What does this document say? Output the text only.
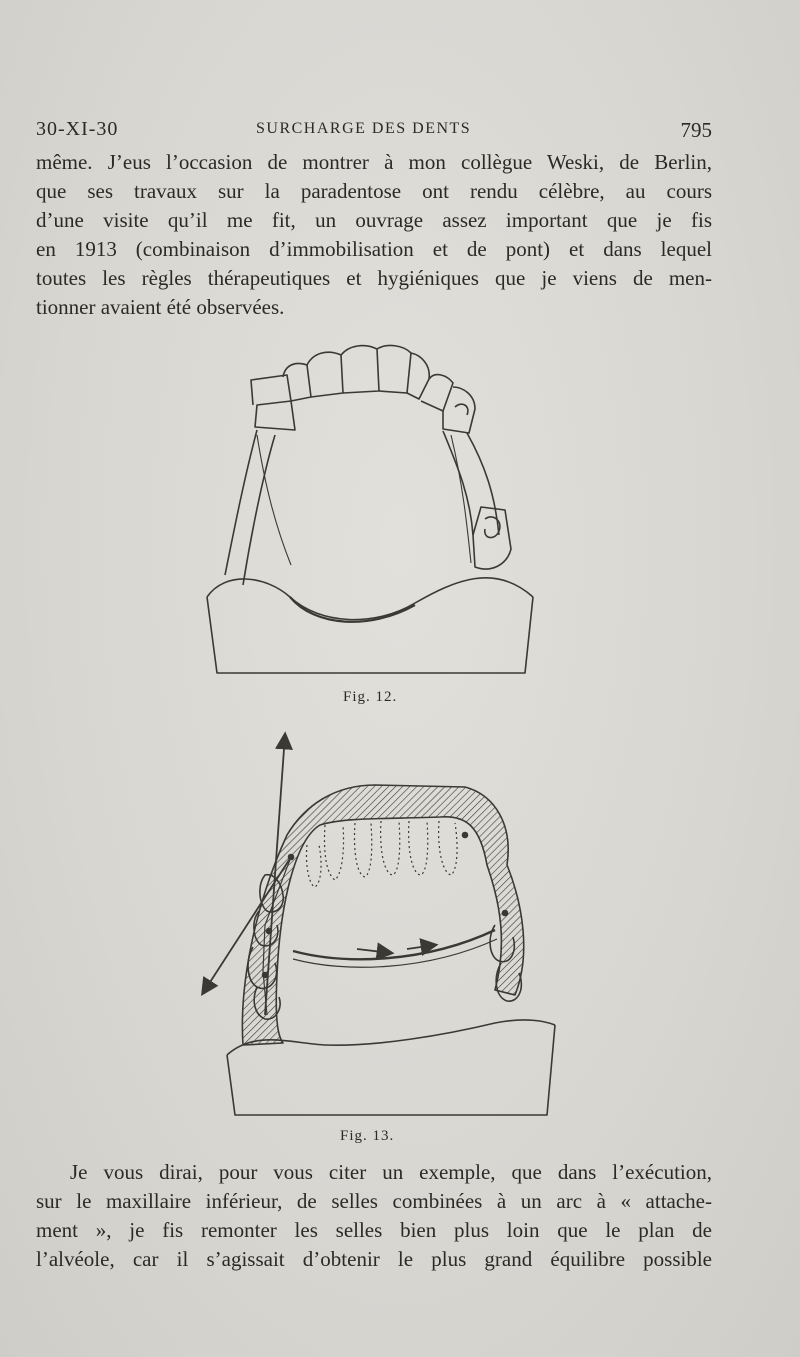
30-XI-30	SURCHARGE DES DENTS	795
même. J’eus l’occasion de montrer à mon collègue Weski, de Berlin,
que ses travaux sur la paradentose ont rendu célèbre, au cours
d’une visite qu’il me fit, un ouvrage assez important que je fis
en 1913 (combinaison d’immobilisation et de pont) et dans lequel
toutes les règles thérapeutiques et hygiéniques que je viens de men-
tionner avaient été observées.
Fig. 12.
Fig. 13.
Je vous dirai, pour vous citer un exemple, que dans l’exécution,
sur le maxillaire inférieur, de selles combinées à un arc à « attache-
ment », je fis remonter les selles bien plus loin que le plan de
l’alvéole, car il s’agissait d’obtenir le plus grand équilibre possible
